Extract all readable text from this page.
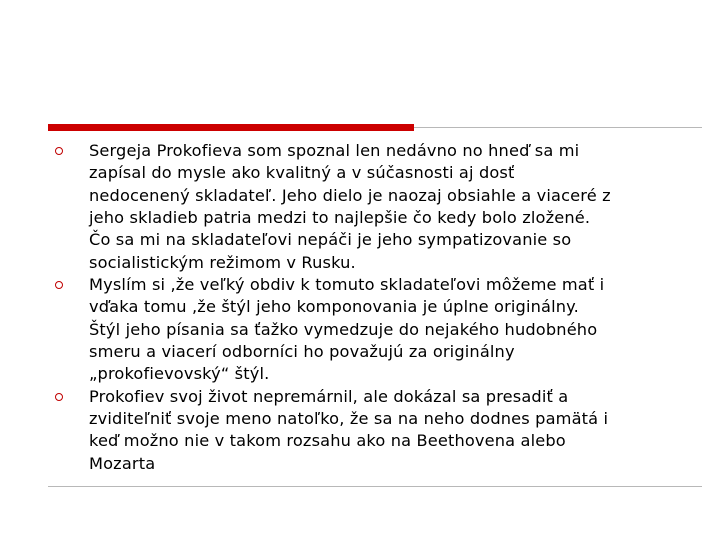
Sergeja Prokofieva som spoznal len nedávno no hneď sa mi
zapísal do mysle ako kvalitný a v súčasnosti aj dosť
nedocenený skladateľ. Jeho dielo je naozaj obsiahle a viaceré z
jeho skladieb patria medzi to najlepšie čo kedy bolo zložené.
Čo sa mi na skladateľovi nepáči je jeho sympatizovanie so
socialistickým režimom v Rusku.
Myslím si ,že veľký obdiv k tomuto skladateľovi môžeme mať i
vďaka tomu ,že štýl jeho komponovania je úplne originálny.
Štýl jeho písania sa ťažko vymedzuje do nejakého hudobného
smeru a viacerí odborníci ho považujú za originálny
„prokofievovský“ štýl.
Prokofiev svoj život nepremárnil, ale dokázal sa presadiť a
zviditeľniť svoje meno natoľko, že sa na neho dodnes pamätá i
keď možno nie v takom rozsahu ako na Beethovena alebo
Mozarta
